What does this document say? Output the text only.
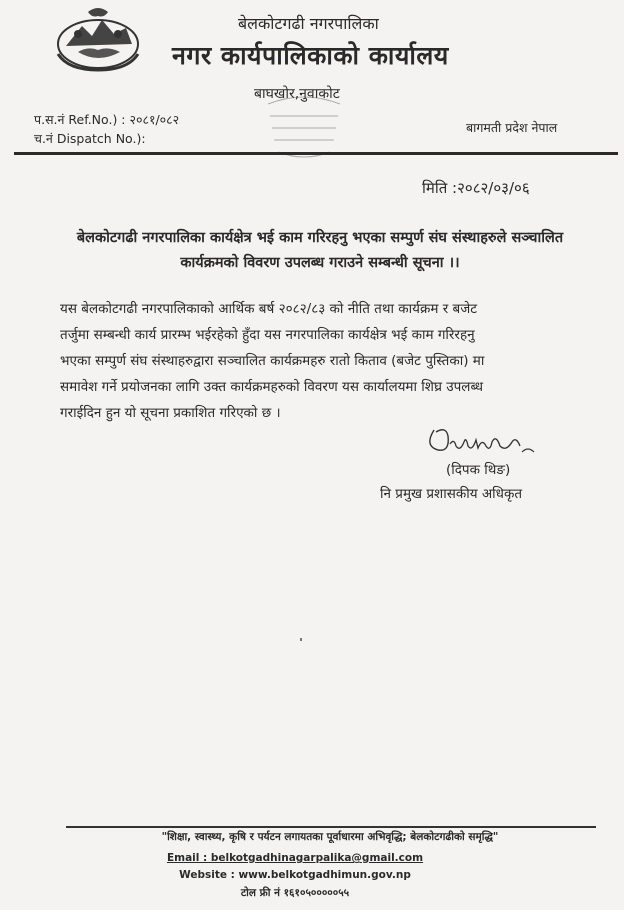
बेलकोटगढी नगरपालिका
नगर कार्यपालिकाको कार्यालय
बाघखोर,नुवाकोट
प.स.नं Ref.No.) : २०८१/०८२
च.नं Dispatch No.):
बागमती प्रदेश नेपाल
मिति :२०८२/०३/०६
बेलकोटगढी नगरपालिका कार्यक्षेत्र भई काम गरिरहनु भएका सम्पुर्ण संघ संस्थाहरुले सञ्चालित कार्यक्रमको विवरण उपलब्ध गराउने सम्बन्धी सूचना ।।
यस बेलकोटगढी नगरपालिकाको आर्थिक बर्ष २०८२/८३ को नीति तथा कार्यक्रम र बजेट
तर्जुमा सम्बन्धी कार्य प्रारम्भ भईरहेको हुँदा यस नगरपालिका कार्यक्षेत्र भई काम गरिरहनु
भएका सम्पुर्ण संघ संस्थाहरुद्वारा सञ्चालित कार्यक्रमहरु रातो किताव (बजेट पुस्तिका) मा
समावेश गर्ने प्रयोजनका लागि उक्त कार्यक्रमहरुको विवरण यस कार्यालयमा शिघ्र उपलब्ध
गराईदिन हुन यो सूचना प्रकाशित गरिएको छ ।
(दिपक थिङ)
नि प्रमुख प्रशासकीय अधिकृत
"शिक्षा, स्वास्थ्य, कृषि र पर्यटन लगायतका पूर्वाधारमा अभिवृद्धि; बेलकोटगढीको समृद्धि"
Email : belkotgadhinagarpalika@gmail.com
Website : www.belkotgadhimun.gov.np
टोल फ्री नं १६१०५०००००५५
